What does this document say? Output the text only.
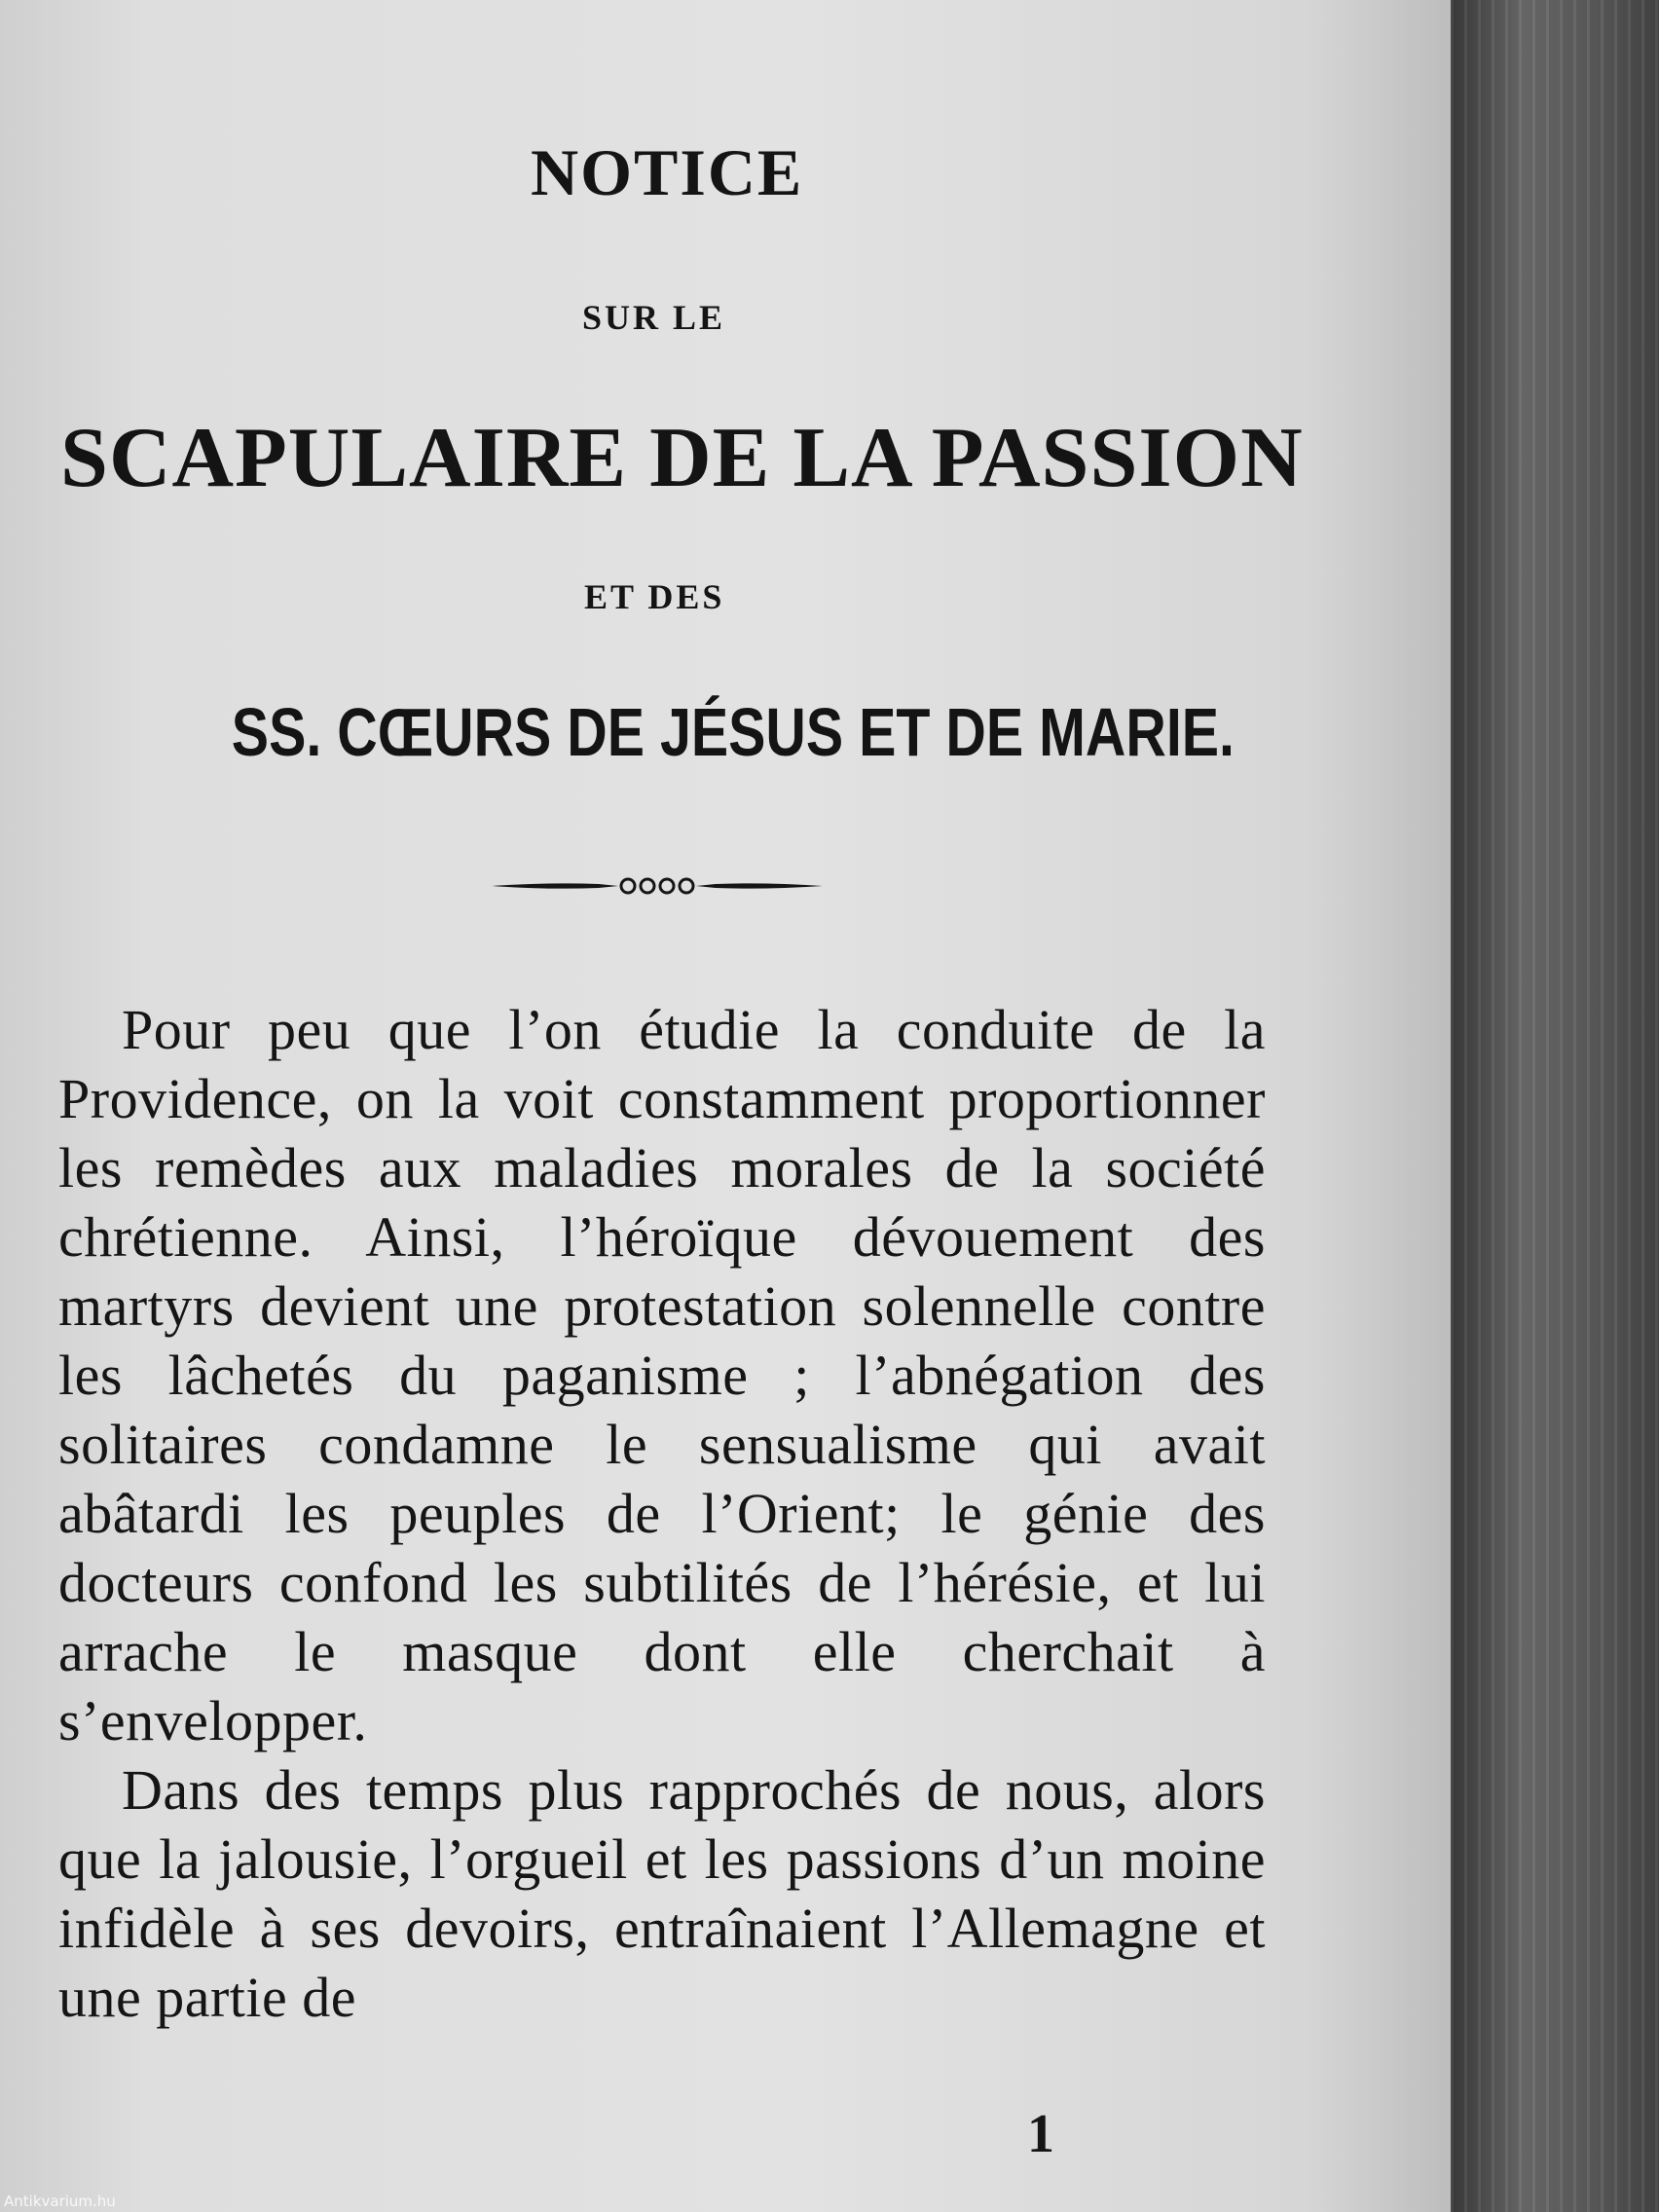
NOTICE
SUR LE
SCAPULAIRE DE LA PASSION
ET DES
SS. CŒURS DE JÉSUS ET DE MARIE.

Pour peu que l’on étudie la conduite de la Providence, on la voit constamment proportionner les remèdes aux maladies morales de la société chrétienne. Ainsi, l’héroïque dévouement des martyrs devient une protestation solennelle contre les lâchetés du paganisme ; l’abnégation des solitaires condamne le sensualisme qui avait abâtardi les peuples de l’Orient; le génie des docteurs confond les subtilités de l’hérésie, et lui arrache le masque dont elle cherchait à s’envelopper.

Dans des temps plus rapprochés de nous, alors que la jalousie, l’orgueil et les passions d’un moine infidèle à ses devoirs, entraînaient l’Allemagne et une partie de

1
Antikvarium.hu
